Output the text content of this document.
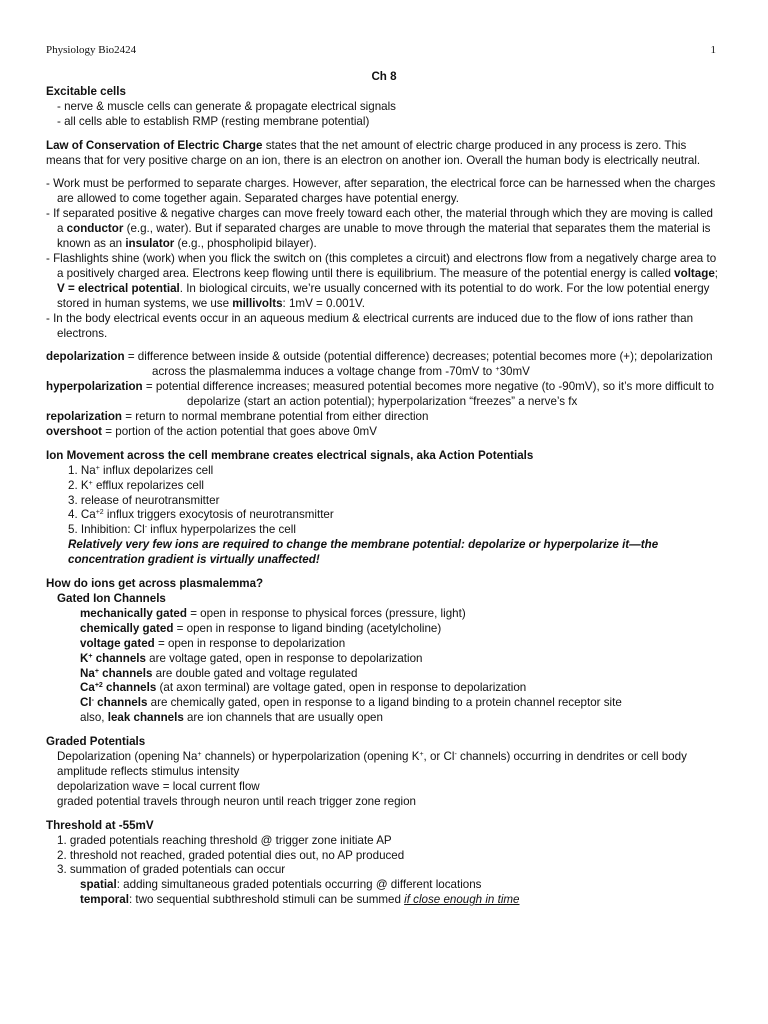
Physiology Bio2424	1

Ch 8

Excitable cells

- nerve & muscle cells can generate & propagate electrical signals

- all cells able to establish RMP (resting membrane potential)

Law of Conservation of Electric Charge states that the net amount of electric charge produced in any process is zero. This means that for very positive charge on an ion, there is an electron on another ion. Overall the human body is electrically neutral.

- Work must be performed to separate charges. However, after separation, the electrical force can be harnessed when the charges are allowed to come together again. Separated charges have potential energy.

- If separated positive & negative charges can move freely toward each other, the material through which they are moving is called a conductor (e.g., water). But if separated charges are unable to move through the material that separates them the material is known as an insulator (e.g., phospholipid bilayer).

- Flashlights shine (work) when you flick the switch on (this completes a circuit) and electrons flow from a negatively charge area to a positively charged area. Electrons keep flowing until there is equilibrium. The measure of the potential energy is called voltage; V = electrical potential. In biological circuits, we’re usually concerned with its potential to do work. For the low potential energy stored in human systems, we use millivolts: 1mV = 0.001V.

- In the body electrical events occur in an aqueous medium & electrical currents are induced due to the flow of ions rather than electrons.

depolarization = difference between inside & outside (potential difference) decreases; potential becomes more (+); depolarization across the plasmalemma induces a voltage change from -70mV to +30mV

hyperpolarization = potential difference increases; measured potential becomes more negative (to -90mV), so it’s more difficult to depolarize (start an action potential); hyperpolarization “freezes” a nerve’s fx

repolarization = return to normal membrane potential from either direction

overshoot = portion of the action potential that goes above 0mV

Ion Movement across the cell membrane creates electrical signals, aka Action Potentials

1. Na+ influx depolarizes cell

2. K+ efflux repolarizes cell

3. release of neurotransmitter

4. $Ca^{+2}$ influx triggers exocytosis of neurotransmitter

5. Inhibition: Cl- influx hyperpolarizes the cell

Relatively very few ions are required to change the membrane potential: depolarize or hyperpolarize it—the concentration gradient is virtually unaffected!

How do ions get across plasmalemma?

Gated Ion Channels

mechanically gated = open in response to physical forces (pressure, light)

chemically gated = open in response to ligand binding (acetylcholine)

voltage gated = open in response to depolarization

K+ channels are voltage gated, open in response to depolarization

Na+ channels are double gated and voltage regulated

$Ca^{+2}$ channels (at axon terminal) are voltage gated, open in response to depolarization

Cl- channels are chemically gated, open in response to a ligand binding to a protein channel receptor site

also, leak channels are ion channels that are usually open

Graded Potentials

Depolarization (opening Na+ channels) or hyperpolarization (opening K+, or Cl- channels) occurring in dendrites or cell body

amplitude reflects stimulus intensity

depolarization wave = local current flow

graded potential travels through neuron until reach trigger zone region

Threshold at -55mV

1. graded potentials reaching threshold @ trigger zone initiate AP

2. threshold not reached, graded potential dies out, no AP produced

3. summation of graded potentials can occur

spatial: adding simultaneous graded potentials occurring @ different locations

temporal: two sequential subthreshold stimuli can be summed if close enough in time
